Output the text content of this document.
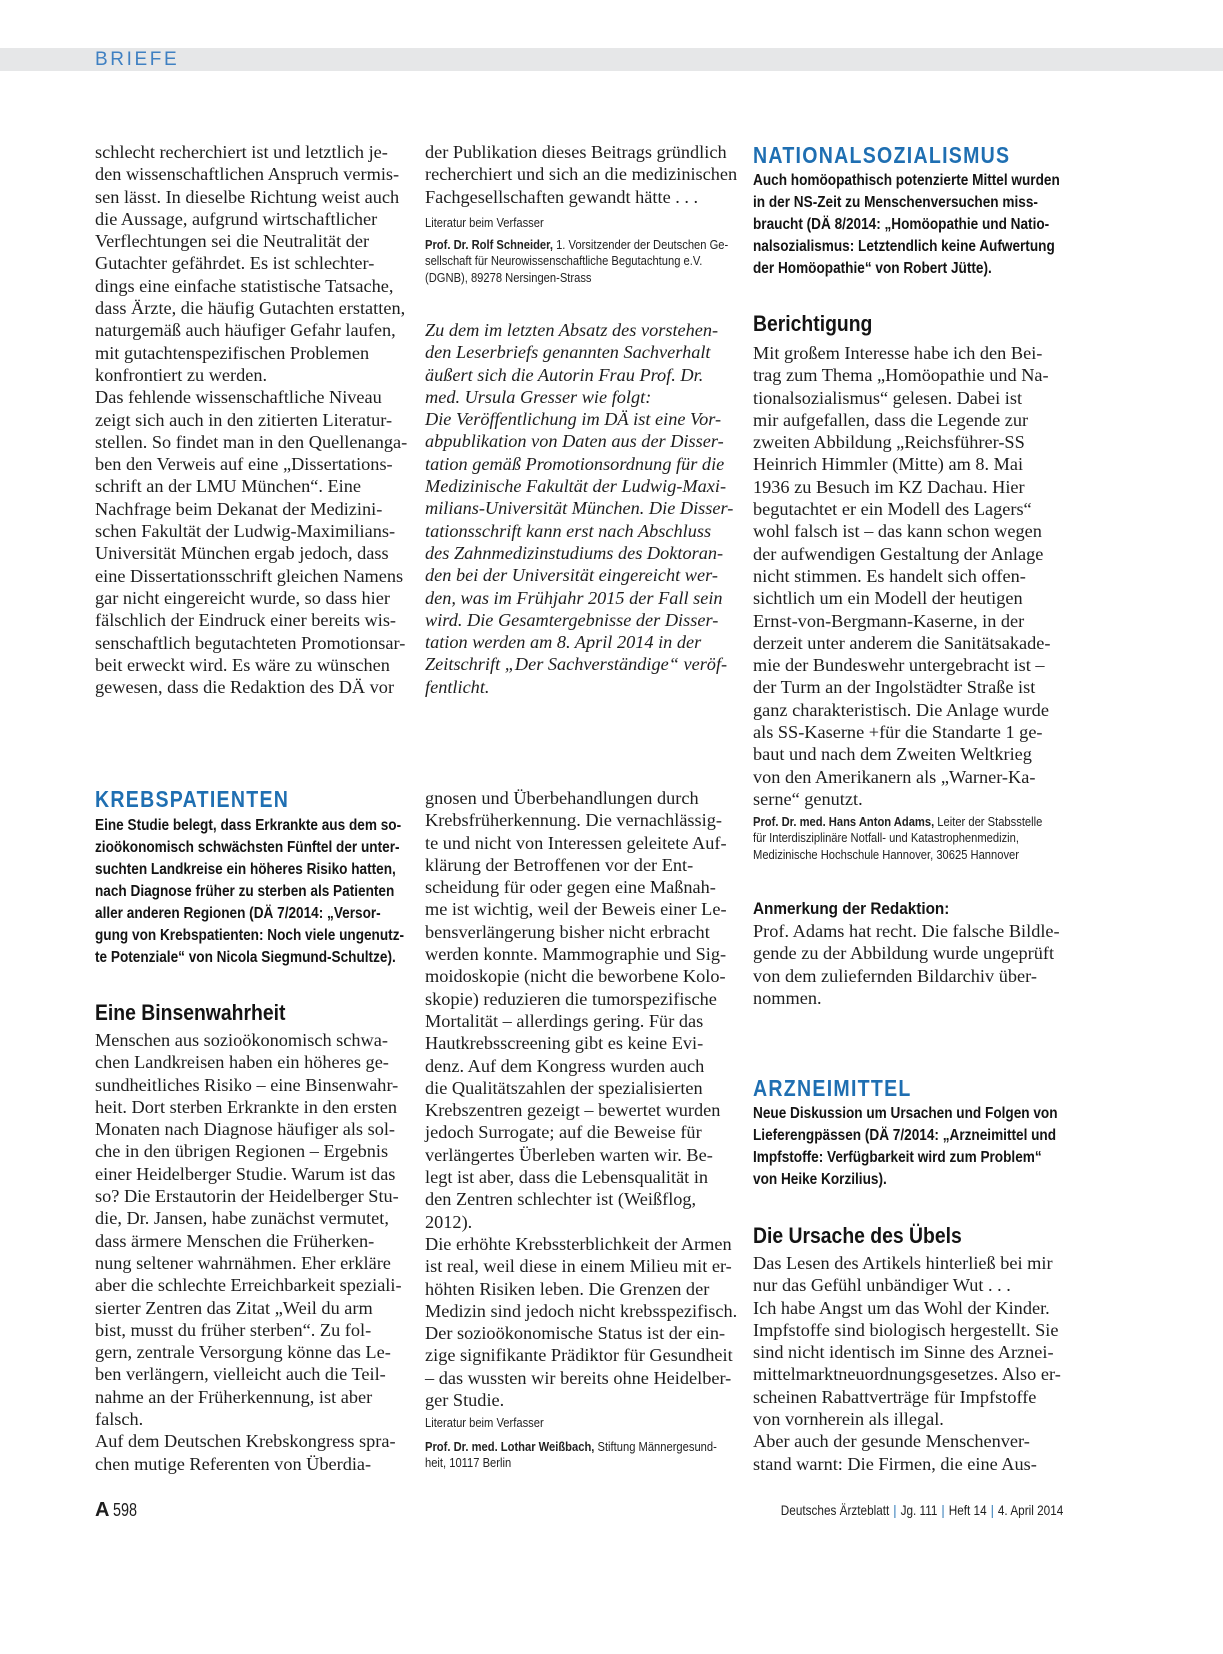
BRIEFE
schlecht recherchiert ist und letztlich je-
den wissenschaftlichen Anspruch vermis-
sen lässt. In dieselbe Richtung weist auch
die Aussage, aufgrund wirtschaftlicher
Verflechtungen sei die Neutralität der
Gutachter gefährdet. Es ist schlechter-
dings eine einfache statistische Tatsache,
dass Ärzte, die häufig Gutachten erstatten,
naturgemäß auch häufiger Gefahr laufen,
mit gutachtenspezifischen Problemen
konfrontiert zu werden.
Das fehlende wissenschaftliche Niveau
zeigt sich auch in den zitierten Literatur-
stellen. So findet man in den Quellenanga-
ben den Verweis auf eine „Dissertations-
schrift an der LMU München“. Eine
Nachfrage beim Dekanat der Medizini-
schen Fakultät der Ludwig-Maximilians-
Universität München ergab jedoch, dass
eine Dissertationsschrift gleichen Namens
gar nicht eingereicht wurde, so dass hier
fälschlich der Eindruck einer bereits wis-
senschaftlich begutachteten Promotionsar-
beit erweckt wird. Es wäre zu wünschen
gewesen, dass die Redaktion des DÄ vor
KREBSPATIENTEN
Eine Studie belegt, dass Erkrankte aus dem so-
zioökonomisch schwächsten Fünftel der unter-
suchten Landkreise ein höheres Risiko hatten,
nach Diagnose früher zu sterben als Patienten
aller anderen Regionen (DÄ 7/2014: „Versor-
gung von Krebspatienten: Noch viele ungenutz-
te Potenziale“ von Nicola Siegmund-Schultze).
Eine Binsenwahrheit
Menschen aus sozioökonomisch schwa-
chen Landkreisen haben ein höheres ge-
sundheitliches Risiko – eine Binsenwahr-
heit. Dort sterben Erkrankte in den ersten
Monaten nach Diagnose häufiger als sol-
che in den übrigen Regionen – Ergebnis
einer Heidelberger Studie. Warum ist das
so? Die Erstautorin der Heidelberger Stu-
die, Dr. Jansen, habe zunächst vermutet,
dass ärmere Menschen die Früherken-
nung seltener wahrnähmen. Eher erkläre
aber die schlechte Erreichbarkeit speziali-
sierter Zentren das Zitat „Weil du arm
bist, musst du früher sterben“. Zu fol-
gern, zentrale Versorgung könne das Le-
ben verlängern, vielleicht auch die Teil-
nahme an der Früherkennung, ist aber
falsch.
Auf dem Deutschen Krebskongress spra-
chen mutige Referenten von Überdia-
der Publikation dieses Beitrags gründlich
recherchiert und sich an die medizinischen
Fachgesellschaften gewandt hätte . . .
Literatur beim Verfasser
Prof. Dr. Rolf Schneider, 1. Vorsitzender der Deutschen Ge-
sellschaft für Neurowissenschaftliche Begutachtung e.V.
(DGNB), 89278 Nersingen-Strass
Zu dem im letzten Absatz des vorstehen-
den Leserbriefs genannten Sachverhalt
äußert sich die Autorin Frau Prof. Dr.
med. Ursula Gresser wie folgt:
Die Veröffentlichung im DÄ ist eine Vor-
abpublikation von Daten aus der Disser-
tation gemäß Promotionsordnung für die
Medizinische Fakultät der Ludwig-Maxi-
milians-Universität München. Die Disser-
tationsschrift kann erst nach Abschluss
des Zahnmedizinstudiums des Doktoran-
den bei der Universität eingereicht wer-
den, was im Frühjahr 2015 der Fall sein
wird. Die Gesamtergebnisse der Disser-
tation werden am 8. April 2014 in der
Zeitschrift „Der Sachverständige“ veröf-
fentlicht.
gnosen und Überbehandlungen durch
Krebsfrüherkennung. Die vernachlässig-
te und nicht von Interessen geleitete Auf-
klärung der Betroffenen vor der Ent-
scheidung für oder gegen eine Maßnah-
me ist wichtig, weil der Beweis einer Le-
bensverlängerung bisher nicht erbracht
werden konnte. Mammographie und Sig-
moidoskopie (nicht die beworbene Kolo-
skopie) reduzieren die tumorspezifische
Mortalität – allerdings gering. Für das
Hautkrebsscreening gibt es keine Evi-
denz. Auf dem Kongress wurden auch
die Qualitätszahlen der spezialisierten
Krebszentren gezeigt – bewertet wurden
jedoch Surrogate; auf die Beweise für
verlängertes Überleben warten wir. Be-
legt ist aber, dass die Lebensqualität in
den Zentren schlechter ist (Weißflog,
2012).
Die erhöhte Krebssterblichkeit der Armen
ist real, weil diese in einem Milieu mit er-
höhten Risiken leben. Die Grenzen der
Medizin sind jedoch nicht krebsspezifisch.
Der sozioökonomische Status ist der ein-
zige signifikante Prädiktor für Gesundheit
– das wussten wir bereits ohne Heidelber-
ger Studie.
Literatur beim Verfasser
Prof. Dr. med. Lothar Weißbach, Stiftung Männergesund-
heit, 10117 Berlin
NATIONALSOZIALISMUS
Auch homöopathisch potenzierte Mittel wurden
in der NS-Zeit zu Menschenversuchen miss-
braucht (DÄ 8/2014: „Homöopathie und Natio-
nalsozialismus: Letztendlich keine Aufwertung
der Homöopathie“ von Robert Jütte).
Berichtigung
Mit großem Interesse habe ich den Bei-
trag zum Thema „Homöopathie und Na-
tionalsozialismus“ gelesen. Dabei ist
mir aufgefallen, dass die Legende zur
zweiten Abbildung „Reichsführer-SS
Heinrich Himmler (Mitte) am 8. Mai
1936 zu Besuch im KZ Dachau. Hier
begutachtet er ein Modell des Lagers“
wohl falsch ist – das kann schon wegen
der aufwendigen Gestaltung der Anlage
nicht stimmen. Es handelt sich offen-
sichtlich um ein Modell der heutigen
Ernst-von-Bergmann-Kaserne, in der
derzeit unter anderem die Sanitätsakade-
mie der Bundeswehr untergebracht ist –
der Turm an der Ingolstädter Straße ist
ganz charakteristisch. Die Anlage wurde
als SS-Kaserne +für die Standarte 1 ge-
baut und nach dem Zweiten Weltkrieg
von den Amerikanern als „Warner-Ka-
serne“ genutzt.
Prof. Dr. med. Hans Anton Adams, Leiter der Stabsstelle
für Interdisziplinäre Notfall- und Katastrophenmedizin,
Medizinische Hochschule Hannover, 30625 Hannover
Anmerkung der Redaktion:
Prof. Adams hat recht. Die falsche Bildle-
gende zu der Abbildung wurde ungeprüft
von dem zuliefernden Bildarchiv über-
nommen.
ARZNEIMITTEL
Neue Diskussion um Ursachen und Folgen von
Lieferengpässen (DÄ 7/2014: „Arzneimittel und
Impfstoffe: Verfügbarkeit wird zum Problem“
von Heike Korzilius).
Die Ursache des Übels
Das Lesen des Artikels hinterließ bei mir
nur das Gefühl unbändiger Wut . . .
Ich habe Angst um das Wohl der Kinder.
Impfstoffe sind biologisch hergestellt. Sie
sind nicht identisch im Sinne des Arznei-
mittelmarktneuordnungsgesetzes. Also er-
scheinen Rabattverträge für Impfstoffe
von vornherein als illegal.
Aber auch der gesunde Menschenver-
stand warnt: Die Firmen, die eine Aus-
A 598	Deutsches Ärzteblatt | Jg. 111 | Heft 14 | 4. April 2014
